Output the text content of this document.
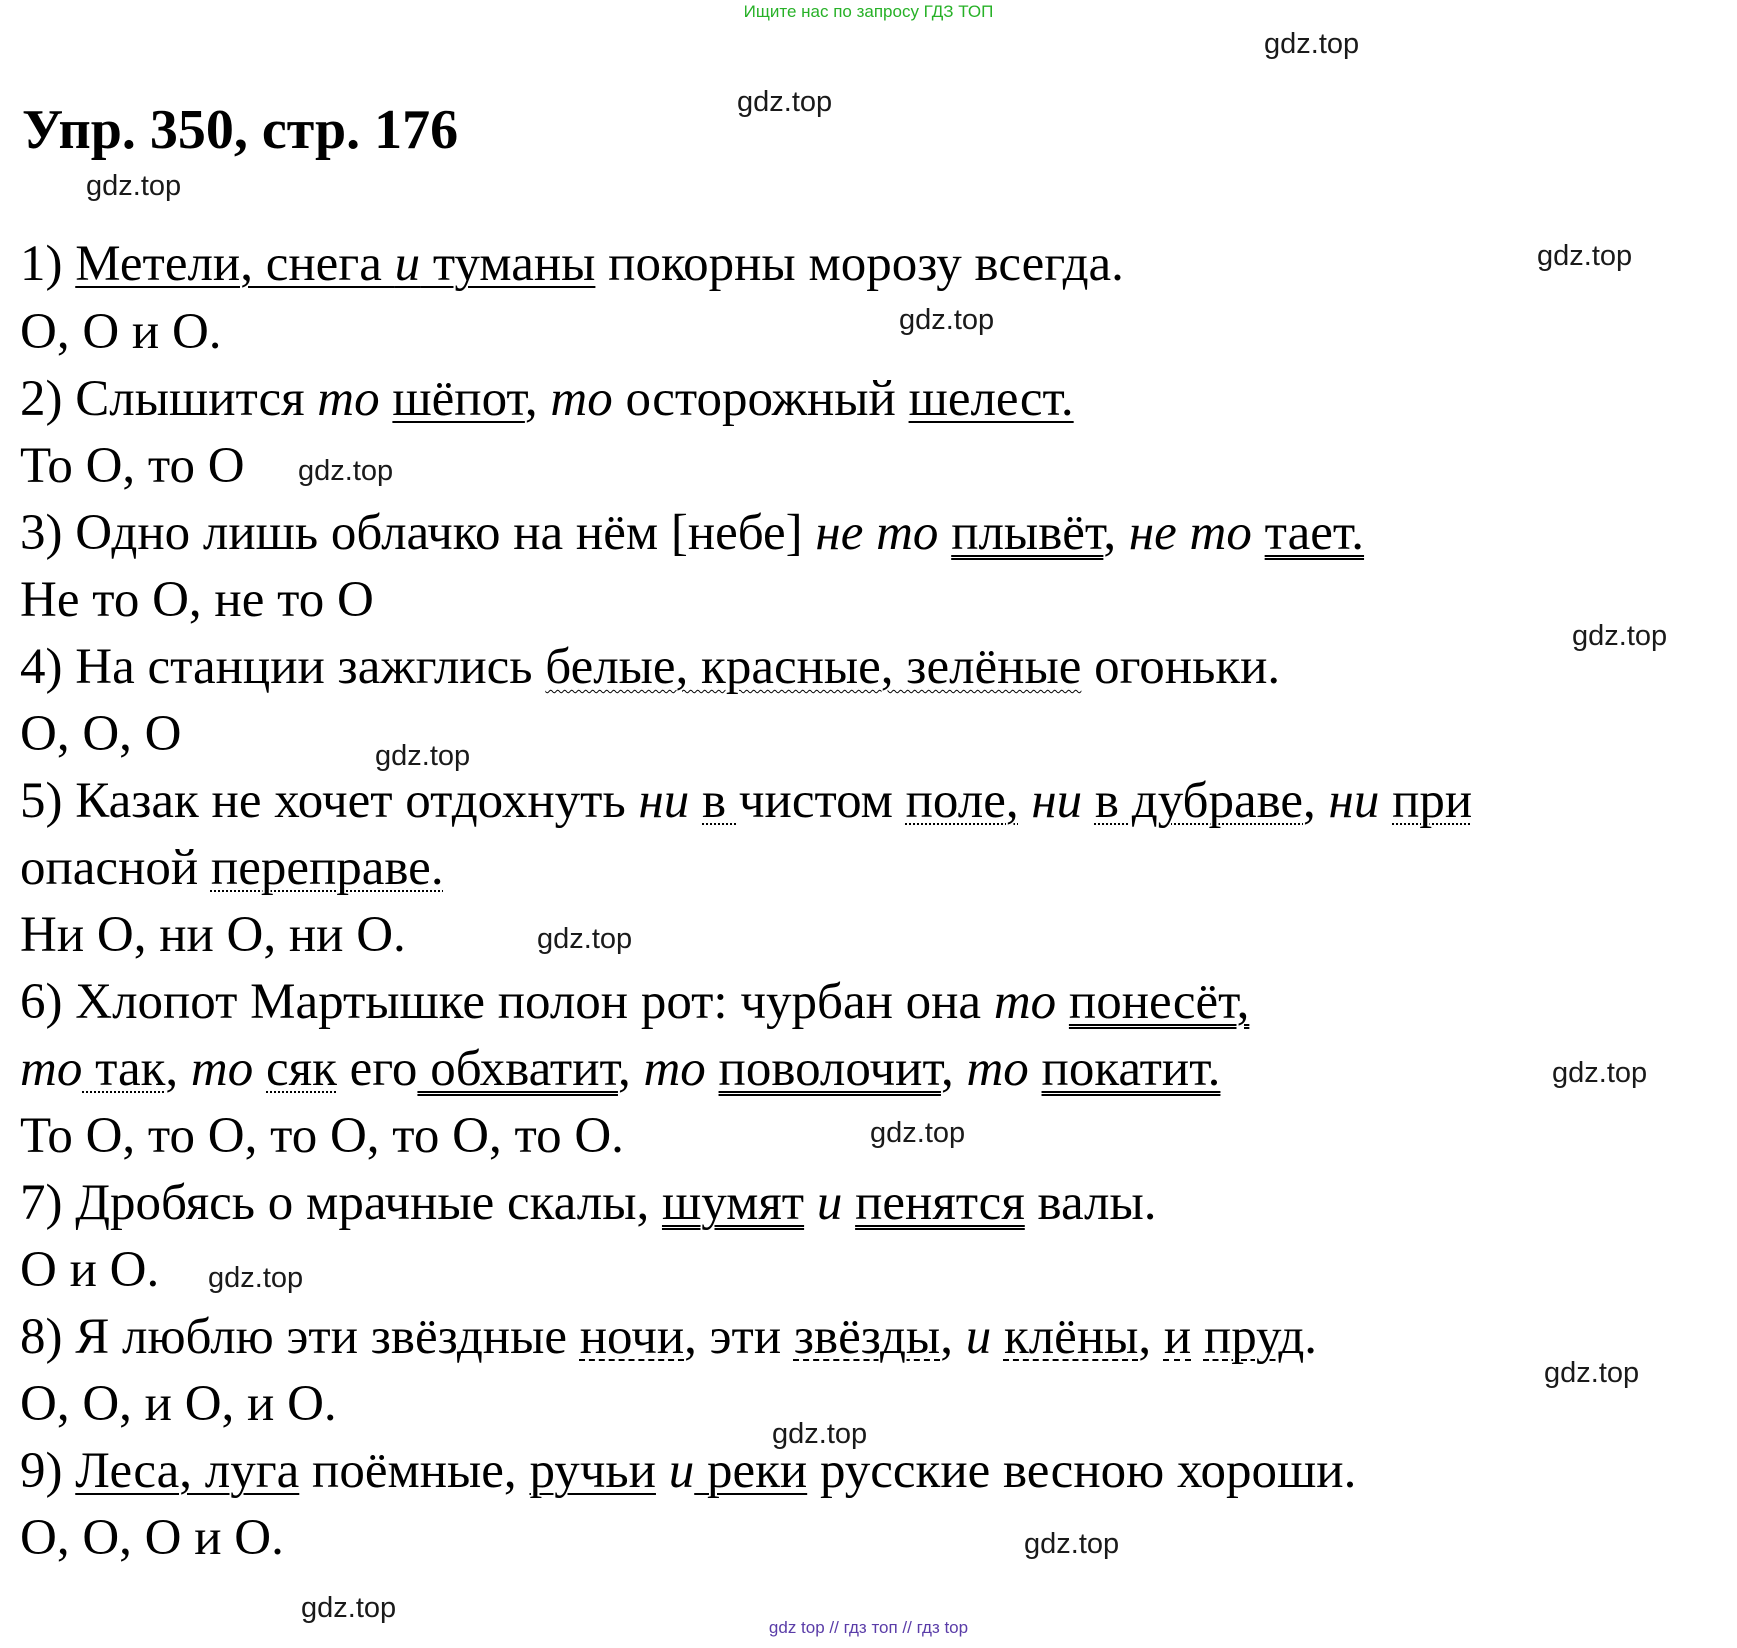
Ищите нас по запросу ГДЗ ТОП
Упр. 350, стр. 176
gdz.top
gdz.top
gdz.top
gdz.top
gdz.top
gdz.top
gdz.top
gdz.top
gdz.top
gdz.top
gdz.top
gdz.top
gdz.top
gdz.top
gdz.top
gdz.top
1) Метели, снега и туманы покорны морозу всегда.
О, О и О.
2) Слышится то шёпот, то осторожный шелест.
То О, то О
3) Одно лишь облачко на нём [небе] не то плывёт, не то тает.
Не то О, не то О
4) На станции зажглись белые, красные, зелёные огоньки.
О, О, О
5) Казак не хочет отдохнуть ни в чистом поле, ни в дубраве, ни при
опасной переправе.
Ни О, ни О, ни О.
6) Хлопот Мартышке полон рот: чурбан она то понесёт,
то так, то сяк его обхватит, то поволочит, то покатит.
То О, то О, то О, то О, то О.
7) Дробясь о мрачные скалы, шумят и пенятся валы.
О и О.
8) Я люблю эти звёздные ночи, эти звёзды, и клёны, и пруд.
О, О, и О, и О.
9) Леса, луга поёмные, ручьи и реки русские весною хороши.
О, О, О и О.
gdz top // гдз топ // гдз top
